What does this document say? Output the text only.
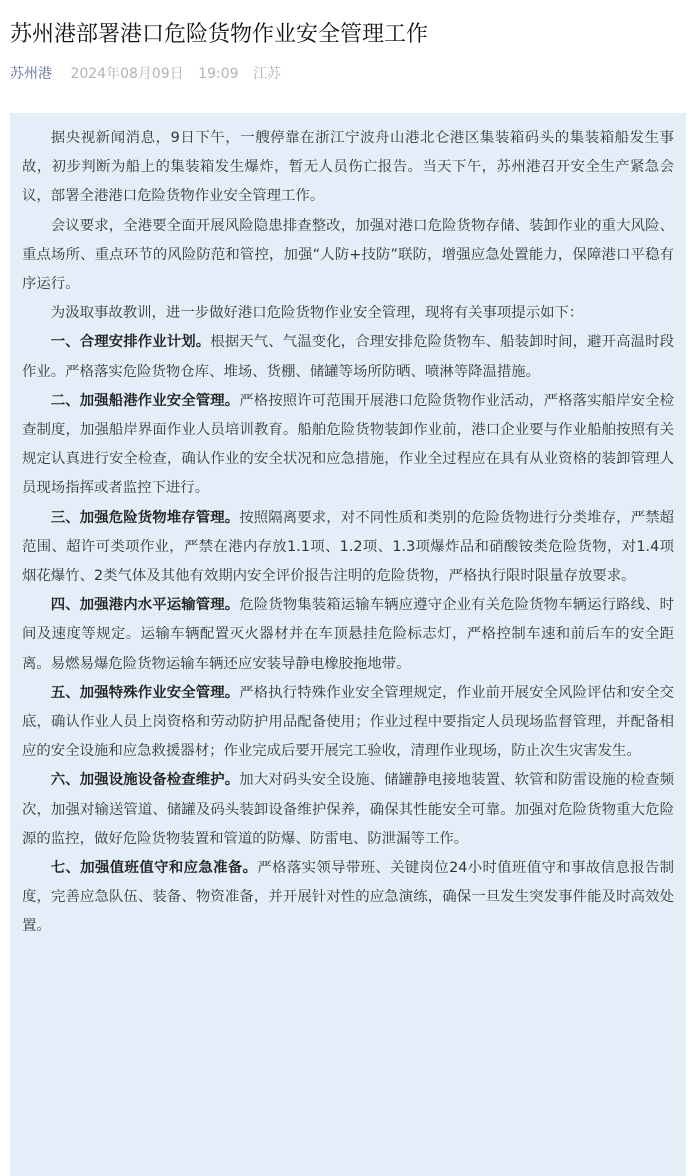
苏州港部署港口危险货物作业安全管理工作
苏州港 2024年08月09日 19:09 江苏

据央视新闻消息，9日下午，一艘停靠在浙江宁波舟山港北仑港区集装箱码头的集装箱船发生事故，初步判断为船上的集装箱发生爆炸，暂无人员伤亡报告。当天下午，苏州港召开安全生产紧急会议，部署全港港口危险货物作业安全管理工作。

会议要求，全港要全面开展风险隐患排查整改，加强对港口危险货物存储、装卸作业的重大风险、重点场所、重点环节的风险防范和管控，加强“人防+技防”联防，增强应急处置能力，保障港口平稳有序运行。

为汲取事故教训，进一步做好港口危险货物作业安全管理，现将有关事项提示如下：

一、合理安排作业计划。根据天气、气温变化，合理安排危险货物车、船装卸时间，避开高温时段作业。严格落实危险货物仓库、堆场、货棚、储罐等场所防晒、喷淋等降温措施。

二、加强船港作业安全管理。严格按照许可范围开展港口危险货物作业活动，严格落实船岸安全检查制度，加强船岸界面作业人员培训教育。船舶危险货物装卸作业前，港口企业要与作业船舶按照有关规定认真进行安全检查，确认作业的安全状况和应急措施，作业全过程应在具有从业资格的装卸管理人员现场指挥或者监控下进行。

三、加强危险货物堆存管理。按照隔离要求，对不同性质和类别的危险货物进行分类堆存，严禁超范围、超许可类项作业，严禁在港内存放1.1项、1.2项、1.3项爆炸品和硝酸铵类危险货物，对1.4项烟花爆竹、2类气体及其他有效期内安全评价报告注明的危险货物，严格执行限时限量存放要求。

四、加强港内水平运输管理。危险货物集装箱运输车辆应遵守企业有关危险货物车辆运行路线、时间及速度等规定。运输车辆配置灭火器材并在车顶悬挂危险标志灯，严格控制车速和前后车的安全距离。易燃易爆危险货物运输车辆还应安装导静电橡胶拖地带。

五、加强特殊作业安全管理。严格执行特殊作业安全管理规定，作业前开展安全风险评估和安全交底，确认作业人员上岗资格和劳动防护用品配备使用；作业过程中要指定人员现场监督管理，并配备相应的安全设施和应急救援器材；作业完成后要开展完工验收，清理作业现场，防止次生灾害发生。

六、加强设施设备检查维护。加大对码头安全设施、储罐静电接地装置、软管和防雷设施的检查频次，加强对输送管道、储罐及码头装卸设备维护保养，确保其性能安全可靠。加强对危险货物重大危险源的监控，做好危险货物装置和管道的防爆、防雷电、防泄漏等工作。

七、加强值班值守和应急准备。严格落实领导带班、关键岗位24小时值班值守和事故信息报告制度，完善应急队伍、装备、物资准备，并开展针对性的应急演练，确保一旦发生突发事件能及时高效处置。
